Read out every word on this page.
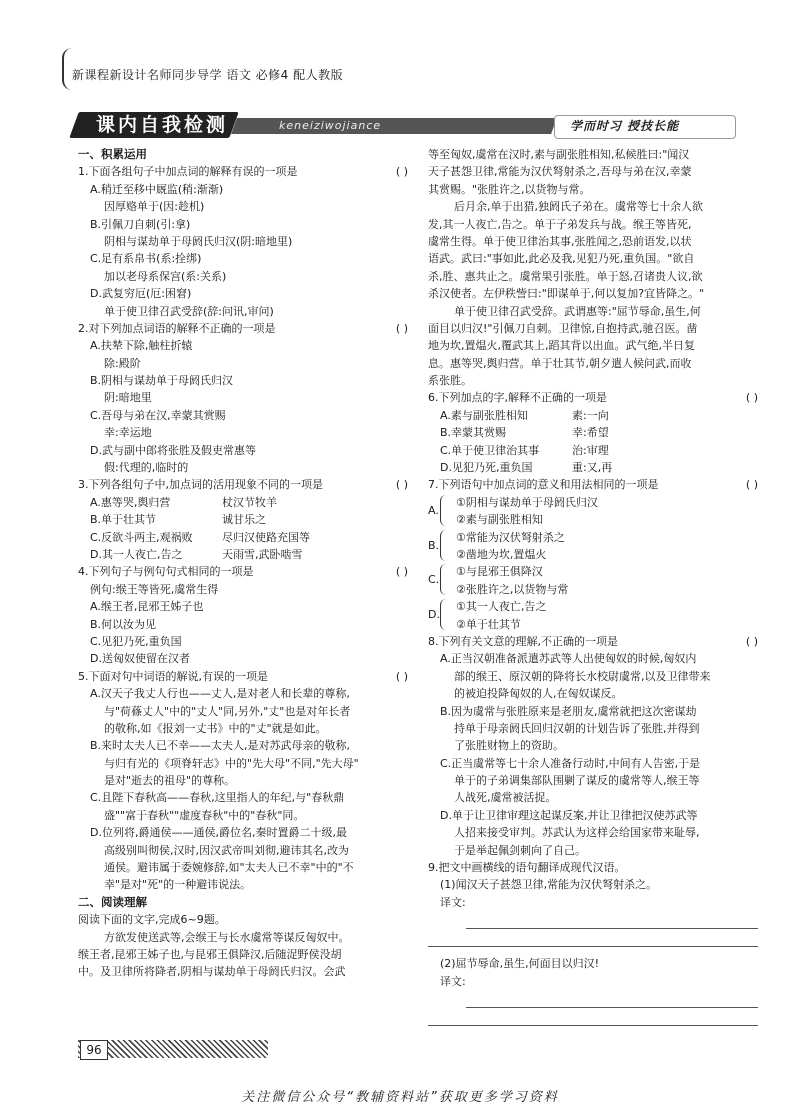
新课程新设计名师同步导学 语文 必修4 配人教版
课内自我检测	keneiziwojiance	学而时习 授技长能
一、积累运用
1.下面各组句子中加点词的解释有误的一项是	( )
A.稍迁至移中厩监(稍:渐渐)
因厚赂单于(因:趁机)
B.引佩刀自刺(引:拿)
阴相与谋劫单于母阏氏归汉(阴:暗地里)
C.足有系帛书(系:拴绑)
加以老母系保宫(系:关系)
D.武复穷厄(厄:困窘)
单于使卫律召武受辞(辞:问讯,审问)
2.对下列加点词语的解释不正确的一项是	( )
A.扶辇下除,触柱折辕
除:殿阶
B.阴相与谋劫单于母阏氏归汉
阴:暗地里
C.吾母与弟在汉,幸蒙其赏赐
幸:幸运地
D.武与副中郎将张胜及假吏常惠等
假:代理的,临时的
3.下列各组句子中,加点词的活用现象不同的一项是	( )
A.惠等哭,舆归营	杖汉节牧羊
B.单于壮其节	诚甘乐之
C.反欲斗两主,观祸败	尽归汉使路充国等
D.其一人夜亡,告之	天雨雪,武卧啮雪
4.下列句子与例句句式相同的一项是	( )
例句:缑王等皆死,虞常生得
A.缑王者,昆邪王姊子也
B.何以汝为见
C.见犯乃死,重负国
D.送匈奴使留在汉者
5.下面对句中词语的解说,有误的一项是	( )
A.汉天子我丈人行也——丈人,是对老人和长辈的尊称,
与"荷蓧丈人"中的"丈人"同,另外,"丈"也是对年长者
的敬称,如《报刘一丈书》中的"丈"就是如此。
B.来时太夫人已不幸——太夫人,是对苏武母亲的敬称,
与归有光的《项脊轩志》中的"先大母"不同,"先大母"
是对"逝去的祖母"的尊称。
C.且陛下春秋高——春秋,这里指人的年纪,与"春秋鼎
盛""富于春秋""虚度春秋"中的"春秋"同。
D.位列将,爵通侯——通侯,爵位名,秦时置爵二十级,最
高级别叫彻侯,汉时,因汉武帝叫刘彻,避讳其名,改为
通侯。避讳属于委婉修辞,如"太夫人已不幸"中的"不
幸"是对"死"的一种避讳说法。
二、阅读理解
阅读下面的文字,完成6~9题。
方欲发使送武等,会缑王与长水虞常等谋反匈奴中。
缑王者,昆邪王姊子也,与昆邪王俱降汉,后随浞野侯没胡
中。及卫律所将降者,阴相与谋劫单于母阏氏归汉。会武
等至匈奴,虞常在汉时,素与副张胜相知,私候胜曰:"闻汉
天子甚怨卫律,常能为汉伏弩射杀之,吾母与弟在汉,幸蒙
其赏赐。"张胜许之,以货物与常。
后月余,单于出猎,独阏氏子弟在。虞常等七十余人欲
发,其一人夜亡,告之。单于子弟发兵与战。缑王等皆死,
虞常生得。单于使卫律治其事,张胜闻之,恐前语发,以状
语武。武曰:"事如此,此必及我,见犯乃死,重负国。"欲自
杀,胜、惠共止之。虞常果引张胜。单于怒,召诸贵人议,欲
杀汉使者。左伊秩訾曰:"即谋单于,何以复加?宜皆降之。"
单于使卫律召武受辞。武谓惠等:"屈节辱命,虽生,何
面目以归汉!"引佩刀自刺。卫律惊,自抱持武,驰召医。凿
地为坎,置煴火,覆武其上,蹈其背以出血。武气绝,半日复
息。惠等哭,舆归营。单于壮其节,朝夕遣人候问武,而收
系张胜。
6.下列加点的字,解释不正确的一项是	( )
A.素与副张胜相知	素:一向
B.幸蒙其赏赐	幸:希望
C.单于使卫律治其事	治:审理
D.见犯乃死,重负国	重:又,再
7.下列语句中加点词的意义和用法相同的一项是	( )
A.
①阴相与谋劫单于母阏氏归汉
②素与副张胜相知
B.
①常能为汉伏弩射杀之
②凿地为坎,置煴火
C.
①与昆邪王俱降汉
②张胜许之,以货物与常
D.
①其一人夜亡,告之
②单于壮其节
8.下列有关文意的理解,不正确的一项是	( )
A.正当汉朝准备派遣苏武等人出使匈奴的时候,匈奴内
部的缑王、原汉朝的降将长水校尉虞常,以及卫律带来
的被迫投降匈奴的人,在匈奴谋反。
B.因为虞常与张胜原来是老朋友,虞常就把这次密谋劫
持单于母亲阏氏回归汉朝的计划告诉了张胜,并得到
了张胜财物上的资助。
C.正当虞常等七十余人准备行动时,中间有人告密,于是
单于的子弟调集部队围剿了谋反的虞常等人,缑王等
人战死,虞常被活捉。
D.单于让卫律审理这起谋反案,并让卫律把汉使苏武等
人招来接受审判。苏武认为这样会给国家带来耻辱,
于是举起佩剑刺向了自己。
9.把文中画横线的语句翻译成现代汉语。
(1)闻汉天子甚怨卫律,常能为汉伏弩射杀之。
译文:
(2)屈节辱命,虽生,何面目以归汉!
译文:
96
关注微信公众号“教辅资料站”获取更多学习资料
